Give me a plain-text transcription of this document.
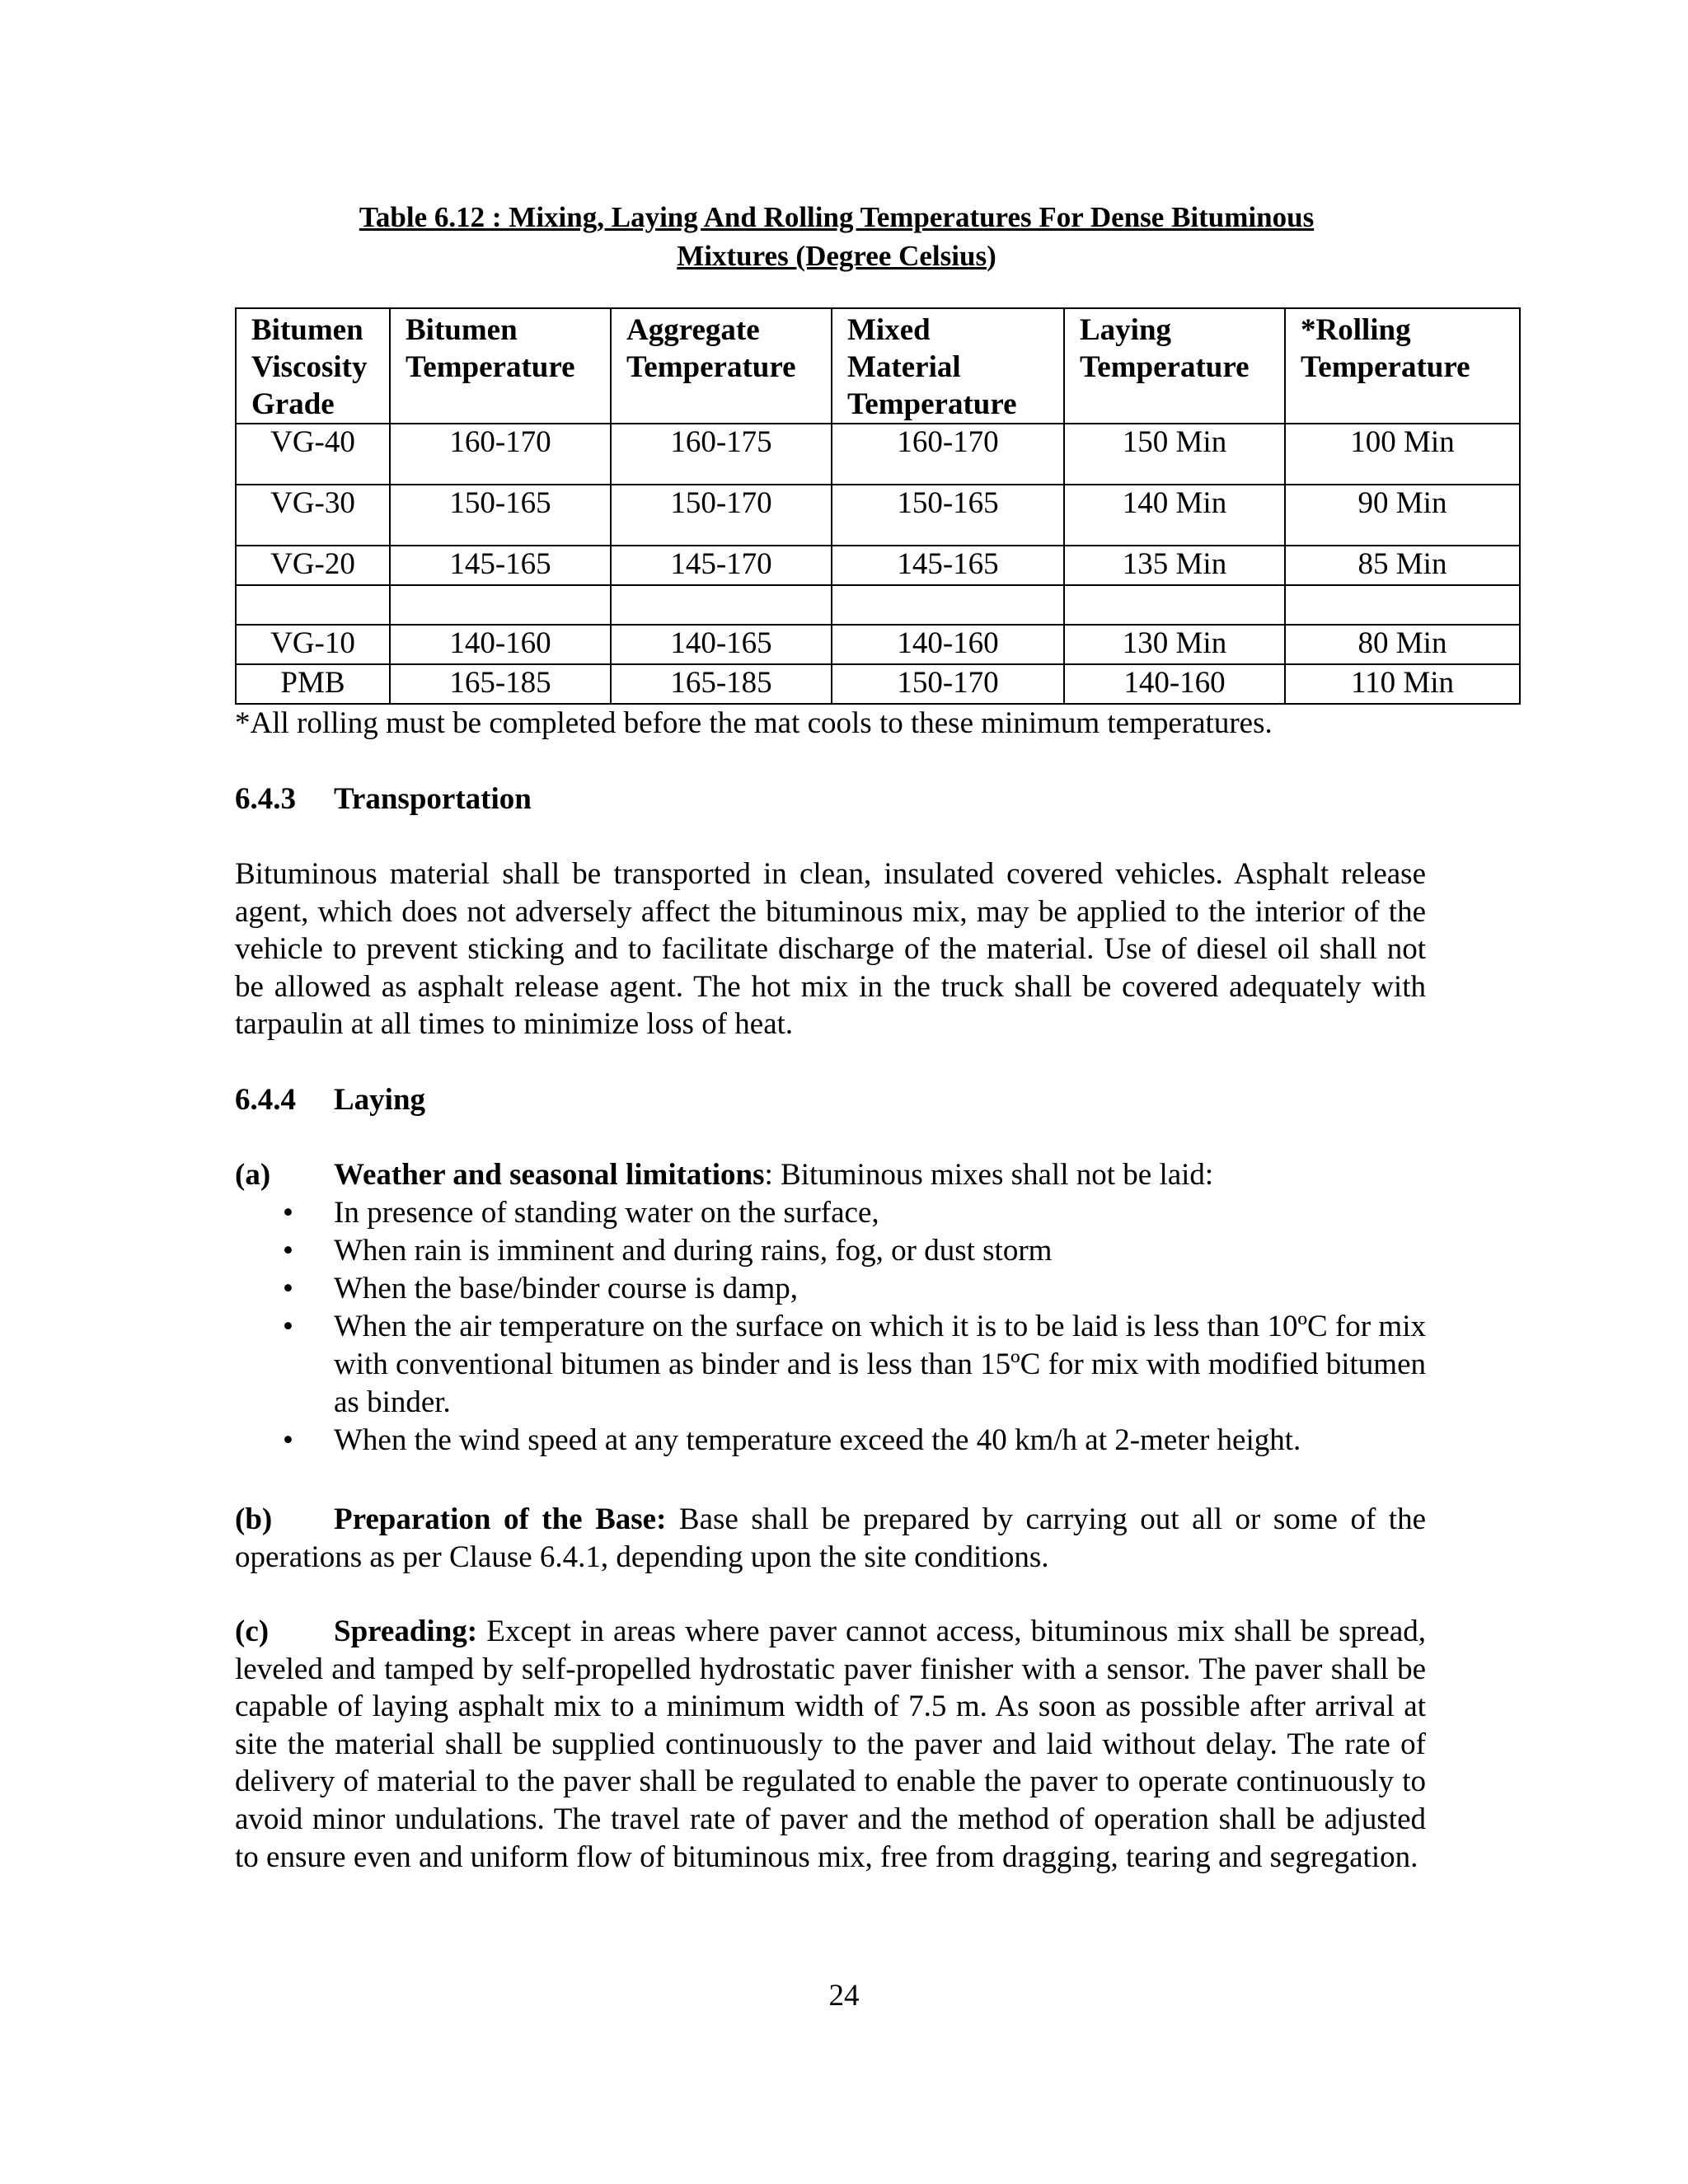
Table 6.12 : Mixing, Laying And Rolling Temperatures For Dense Bituminous
Mixtures (Degree Celsius)
Bitumen Viscosity Grade	Bitumen Temperature	Aggregate Temperature	Mixed Material Temperature	Laying Temperature	*Rolling Temperature
VG-40	160-170	160-175	160-170	150 Min	100 Min
VG-30	150-165	150-170	150-165	140 Min	90 Min
VG-20	145-165	145-170	145-165	135 Min	85 Min

VG-10	140-160	140-165	140-160	130 Min	80 Min
PMB	165-185	165-185	150-170	140-160	110 Min
*All rolling must be completed before the mat cools to these minimum temperatures.
6.4.3 Transportation
Bituminous material shall be transported in clean, insulated covered vehicles. Asphalt release agent, which does not adversely affect the bituminous mix, may be applied to the interior of the vehicle to prevent sticking and to facilitate discharge of the material. Use of diesel oil shall not be allowed as asphalt release agent. The hot mix in the truck shall be covered adequately with tarpaulin at all times to minimize loss of heat.
6.4.4 Laying
(a) Weather and seasonal limitations: Bituminous mixes shall not be laid:
• In presence of standing water on the surface,
• When rain is imminent and during rains, fog, or dust storm
• When the base/binder course is damp,
• When the air temperature on the surface on which it is to be laid is less than 10ºC for mix with conventional bitumen as binder and is less than 15ºC for mix with modified bitumen as binder.
• When the wind speed at any temperature exceed the 40 km/h at 2-meter height.
(b) Preparation of the Base: Base shall be prepared by carrying out all or some of the operations as per Clause 6.4.1, depending upon the site conditions.
(c) Spreading: Except in areas where paver cannot access, bituminous mix shall be spread, leveled and tamped by self-propelled hydrostatic paver finisher with a sensor. The paver shall be capable of laying asphalt mix to a minimum width of 7.5 m. As soon as possible after arrival at site the material shall be supplied continuously to the paver and laid without delay. The rate of delivery of material to the paver shall be regulated to enable the paver to operate continuously to avoid minor undulations. The travel rate of paver and the method of operation shall be adjusted to ensure even and uniform flow of bituminous mix, free from dragging, tearing and segregation.
24
